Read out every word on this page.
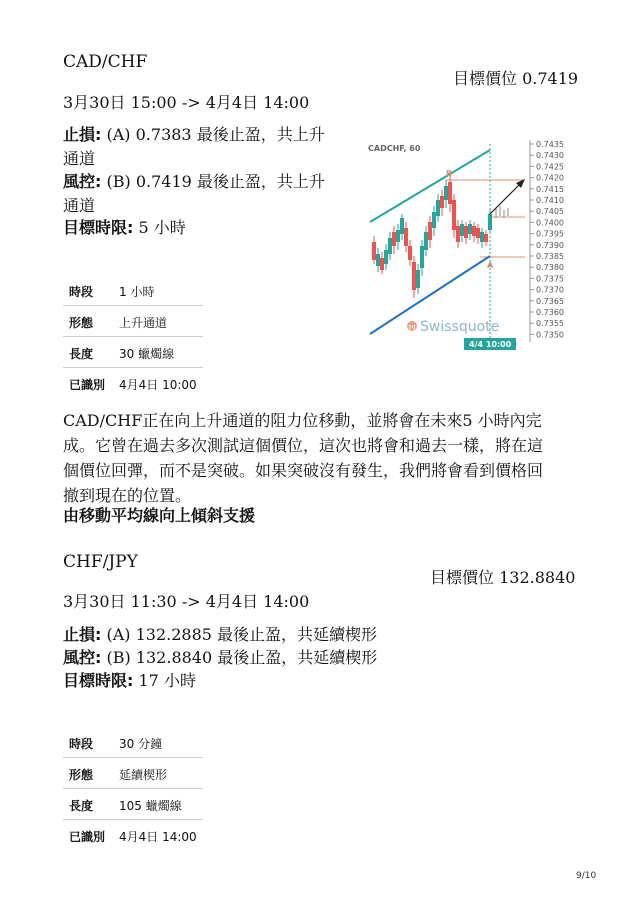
CAD/CHF
目標價位 0.7419
3月30日 15:00 -> 4月4日 14:00
止損: (A) 0.7383 最後止盈，共上升
通道
風控: (B) 0.7419 最後止盈，共上升
通道
目標時限: 5 小時
時段 1 小時
形態 上升通道
長度 30 蠟燭線
已識別 4月4日 10:00
CADCHF, 60
B
A
sq Swissquote
0.7435
0.7430
0.7425
0.7420
0.7415
0.7410
0.7405
0.7400
0.7395
0.7390
0.7385
0.7380
0.7375
0.7370
0.7365
0.7360
0.7355
0.7350
4/4 10:00
CAD/CHF正在向上升通道的阻力位移動，並將會在未來5 小時內完
成。它曾在過去多次測試這個價位，這次也將會和過去一樣，將在這
個價位回彈，而不是突破。如果突破沒有發生，我們將會看到價格回
撤到現在的位置。
由移動平均線向上傾斜支援
CHF/JPY
目標價位 132.8840
3月30日 11:30 -> 4月4日 14:00
止損: (A) 132.2885 最後止盈，共延續楔形
風控: (B) 132.8840 最後止盈，共延續楔形
目標時限: 17 小時
時段 30 分鐘
形態 延續楔形
長度 105 蠟燭線
已識別 4月4日 14:00
9/10
